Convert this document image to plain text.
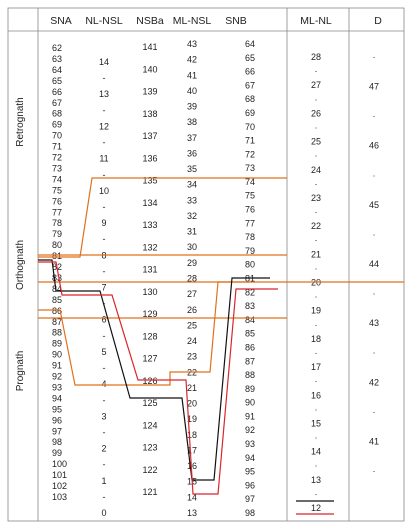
SNA NL-NSL NSBa ML-NSL SNB	ML-NL	D
Retrognath
Orthognath
Prognath
62
63
64
65
66
67
68
69
70
71
72
73
74
75
76
77
78
79
80
81
82
83
84
85
86
87
88
89
90
91
92
93
94
95
96
97
98
99
100
101
102
103
14
-
13
-
12
-
11
-
10
-
9
-
8
-
7
-
6
-
5
-
4
-
3
-
2
-
1
-
0
141
140
139
138
137
136
135
134
133
132
131
130
129
128
127
126
125
124
123
122
121
43
42
41
40
39
38
37
36
35
34
33
32
31
30
29
28
27
26
25
24
23
22
21
20
19
18
17
16
15
14
13
64
65
66
67
68
69
70
71
72
73
74
75
76
77
78
79
80
81
82
83
84
85
86
87
88
89
90
91
92
93
94
95
96
97
98
28
·
27
·
26
·
25
·
24
·
23
·
22
·
21
·
20
·
19
·
18
·
17
·
16
·
15
·
14
·
13
·
12
·
47
·
46
·
45
·
44
·
43
·
42
·
41
·
